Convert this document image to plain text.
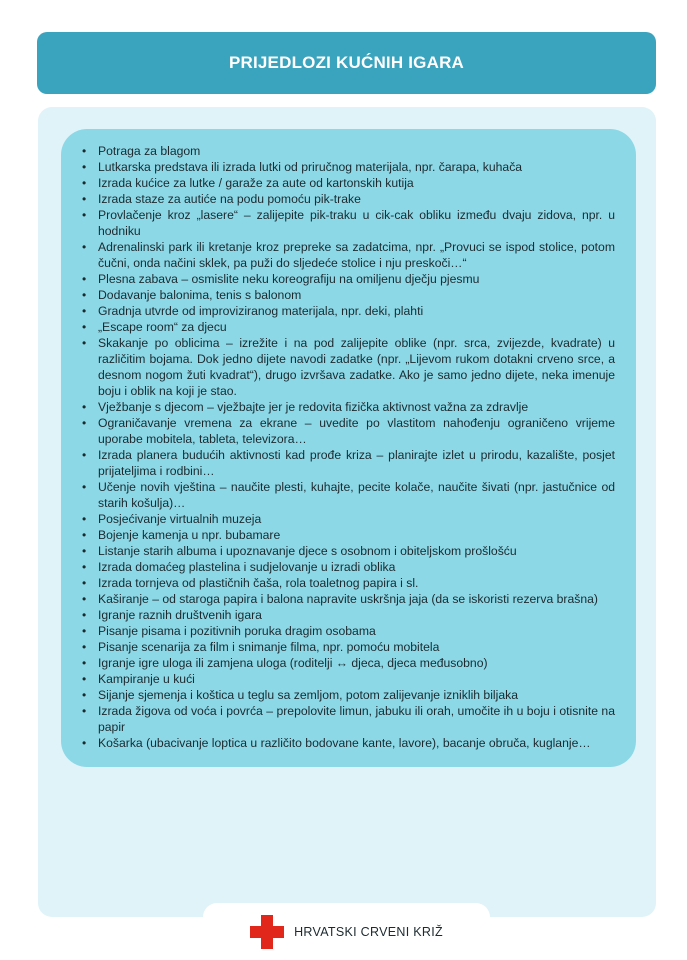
PRIJEDLOZI KUĆNIH IGARA
• Potraga za blagom
• Lutkarska predstava ili izrada lutki od priručnog materijala, npr. čarapa, kuhača
• Izrada kućice za lutke / garaže za aute od kartonskih kutija
• Izrada staze za autiće na podu pomoću pik-trake
• Provlačenje kroz „lasere“ – zalijepite pik-traku u cik-cak obliku između dvaju zidova, npr. u hodniku
• Adrenalinski park ili kretanje kroz prepreke sa zadatcima, npr. „Provuci se ispod stolice, potom čučni, onda načini sklek, pa puži do sljedeće stolice i nju preskoči…“
• Plesna zabava – osmislite neku koreografiju na omiljenu dječju pjesmu
• Dodavanje balonima, tenis s balonom
• Gradnja utvrde od improviziranog materijala, npr. deki, plahti
• „Escape room“ za djecu
• Skakanje po oblicima – izrežite i na pod zalijepite oblike (npr. srca, zvijezde, kvadrate) u različitim bojama. Dok jedno dijete navodi zadatke (npr. „Lijevom rukom dotakni crveno srce, a desnom nogom žuti kvadrat“), drugo izvršava zadatke. Ako je samo jedno dijete, neka imenuje boju i oblik na koji je stao.
• Vježbanje s djecom – vježbajte jer je redovita fizička aktivnost važna za zdravlje
• Ograničavanje vremena za ekrane – uvedite po vlastitom nahođenju ograničeno vrijeme uporabe mobitela, tableta, televizora…
• Izrada planera budućih aktivnosti kad prođe kriza – planirajte izlet u prirodu, kazalište, posjet prijateljima i rodbini…
• Učenje novih vještina – naučite plesti, kuhajte, pecite kolače, naučite šivati (npr. jastučnice od starih košulja)…
• Posjećivanje virtualnih muzeja
• Bojenje kamenja u npr. bubamare
• Listanje starih albuma i upoznavanje djece s osobnom i obiteljskom prošlošću
• Izrada domaćeg plastelina i sudjelovanje u izradi oblika
• Izrada tornjeva od plastičnih čaša, rola toaletnog papira i sl.
• Kaširanje – od staroga papira i balona napravite uskršnja jaja (da se iskoristi rezerva brašna)
• Igranje raznih društvenih igara
• Pisanje pisama i pozitivnih poruka dragim osobama
• Pisanje scenarija za film i snimanje filma, npr. pomoću mobitela
• Igranje igre uloga ili zamjena uloga (roditelji ↔ djeca, djeca međusobno)
• Kampiranje u kući
• Sijanje sjemenja i koštica u teglu sa zemljom, potom zalijevanje izniklih biljaka
• Izrada žigova od voća i povrća – prepolovite limun, jabuku ili orah, umočite ih u boju i otisnite na papir
• Košarka (ubacivanje loptica u različito bodovane kante, lavore), bacanje obruča, kuglanje…
HRVATSKI CRVENI KRIŽ
